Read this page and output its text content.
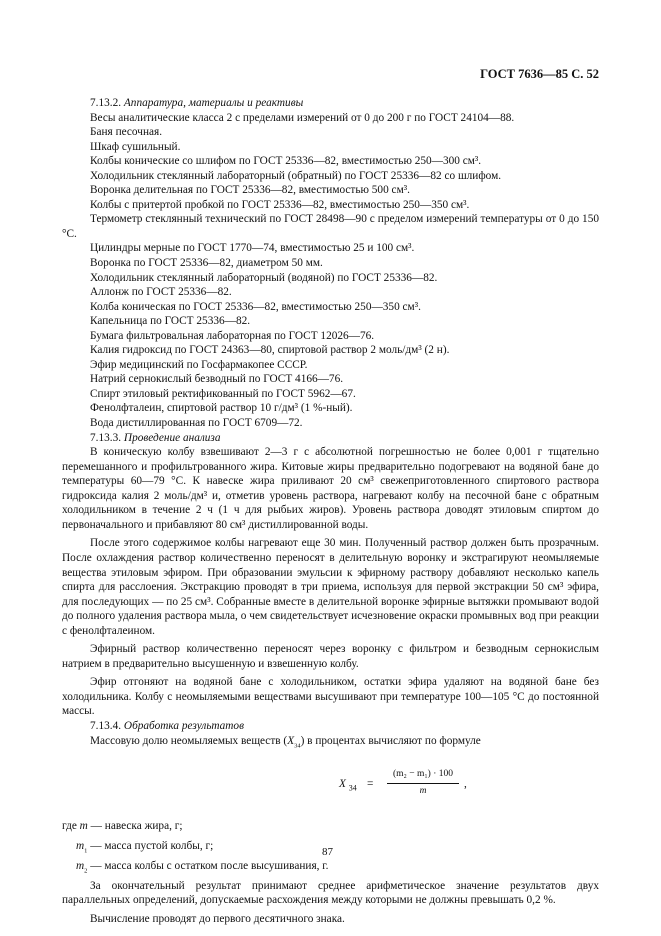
ГОСТ 7636—85 С. 52

7.13.2. Аппаратура, материалы и реактивы

Весы аналитические класса 2 с пределами измерений от 0 до 200 г по ГОСТ 24104—88.

Баня песочная.

Шкаф сушильный.

Колбы конические со шлифом по ГОСТ 25336—82, вместимостью 250—300 см³.

Холодильник стеклянный лабораторный (обратный) по ГОСТ 25336—82 со шлифом.

Воронка делительная по ГОСТ 25336—82, вместимостью 500 см³.

Колбы с притертой пробкой по ГОСТ 25336—82, вместимостью 250—350 см³.

Термометр стеклянный технический по ГОСТ 28498—90 с пределом измерений температуры от 0 до 150 °С.

Цилиндры мерные по ГОСТ 1770—74, вместимостью 25 и 100 см³.

Воронка по ГОСТ 25336—82, диаметром 50 мм.

Холодильник стеклянный лабораторный (водяной) по ГОСТ 25336—82.

Аллонж по ГОСТ 25336—82.

Колба коническая по ГОСТ 25336—82, вместимостью 250—350 см³.

Капельница по ГОСТ 25336—82.

Бумага фильтровальная лабораторная по ГОСТ 12026—76.

Калия гидроксид по ГОСТ 24363—80, спиртовой раствор 2 моль/дм³ (2 н).

Эфир медицинский по Госфармакопее СССР.

Натрий сернокислый безводный по ГОСТ 4166—76.

Спирт этиловый ректификованный по ГОСТ 5962—67.

Фенолфталеин, спиртовой раствор 10 г/дм³ (1 %-ный).

Вода дистиллированная по ГОСТ 6709—72.

7.13.3. Проведение анализа

В коническую колбу взвешивают 2—3 г с абсолютной погрешностью не более 0,001 г тщательно перемешанного и профильтрованного жира. Китовые жиры предварительно подогревают на водяной бане до температуры 60—79 °С. К навеске жира приливают 20 см³ свежеприготовленного спиртового раствора гидроксида калия 2 моль/дм³ и, отметив уровень раствора, нагревают колбу на песочной бане с обратным холодильником в течение 2 ч (1 ч для рыбьих жиров). Уровень раствора доводят этиловым спиртом до первоначального и прибавляют 80 см³ дистиллированной воды.

После этого содержимое колбы нагревают еще 30 мин. Полученный раствор должен быть прозрачным. После охлаждения раствор количественно переносят в делительную воронку и экстрагируют неомыляемые вещества этиловым эфиром. При образовании эмульсии к эфирному раствору добавляют несколько капель спирта для расслоения. Экстракцию проводят в три приема, используя для первой экстракции 50 см³ эфира, для последующих — по 25 см³. Собранные вместе в делительной воронке эфирные вытяжки промывают водой до полного удаления раствора мыла, о чем свидетельствует исчезновение окраски промывных вод при реакции с фенолфталеином.

Эфирный раствор количественно переносят через воронку с фильтром и безводным сернокислым натрием в предварительно высушенную и взвешенную колбу.

Эфир отгоняют на водяной бане с холодильником, остатки эфира удаляют на водяной бане без холодильника. Колбу с неомыляемыми веществами высушивают при температуре 100—105 °С до постоянной массы.

7.13.4. Обработка результатов

Массовую долю неомыляемых веществ $(X_{34})$ в процентах вычисляют по формуле

X $_{34} = \frac{\text{(m₂ − m₁) · 100}}{m}$ ,
где m — навеска жира, г;
$m_1$ — масса пустой колбы, г;
$m_2$ — масса колбы с остатком после высушивания, г.

За окончательный результат принимают среднее арифметическое значение результатов двух параллельных определений, допускаемые расхождения между которыми не должны превышать 0,2 %.

Вычисление проводят до первого десятичного знака.

87
